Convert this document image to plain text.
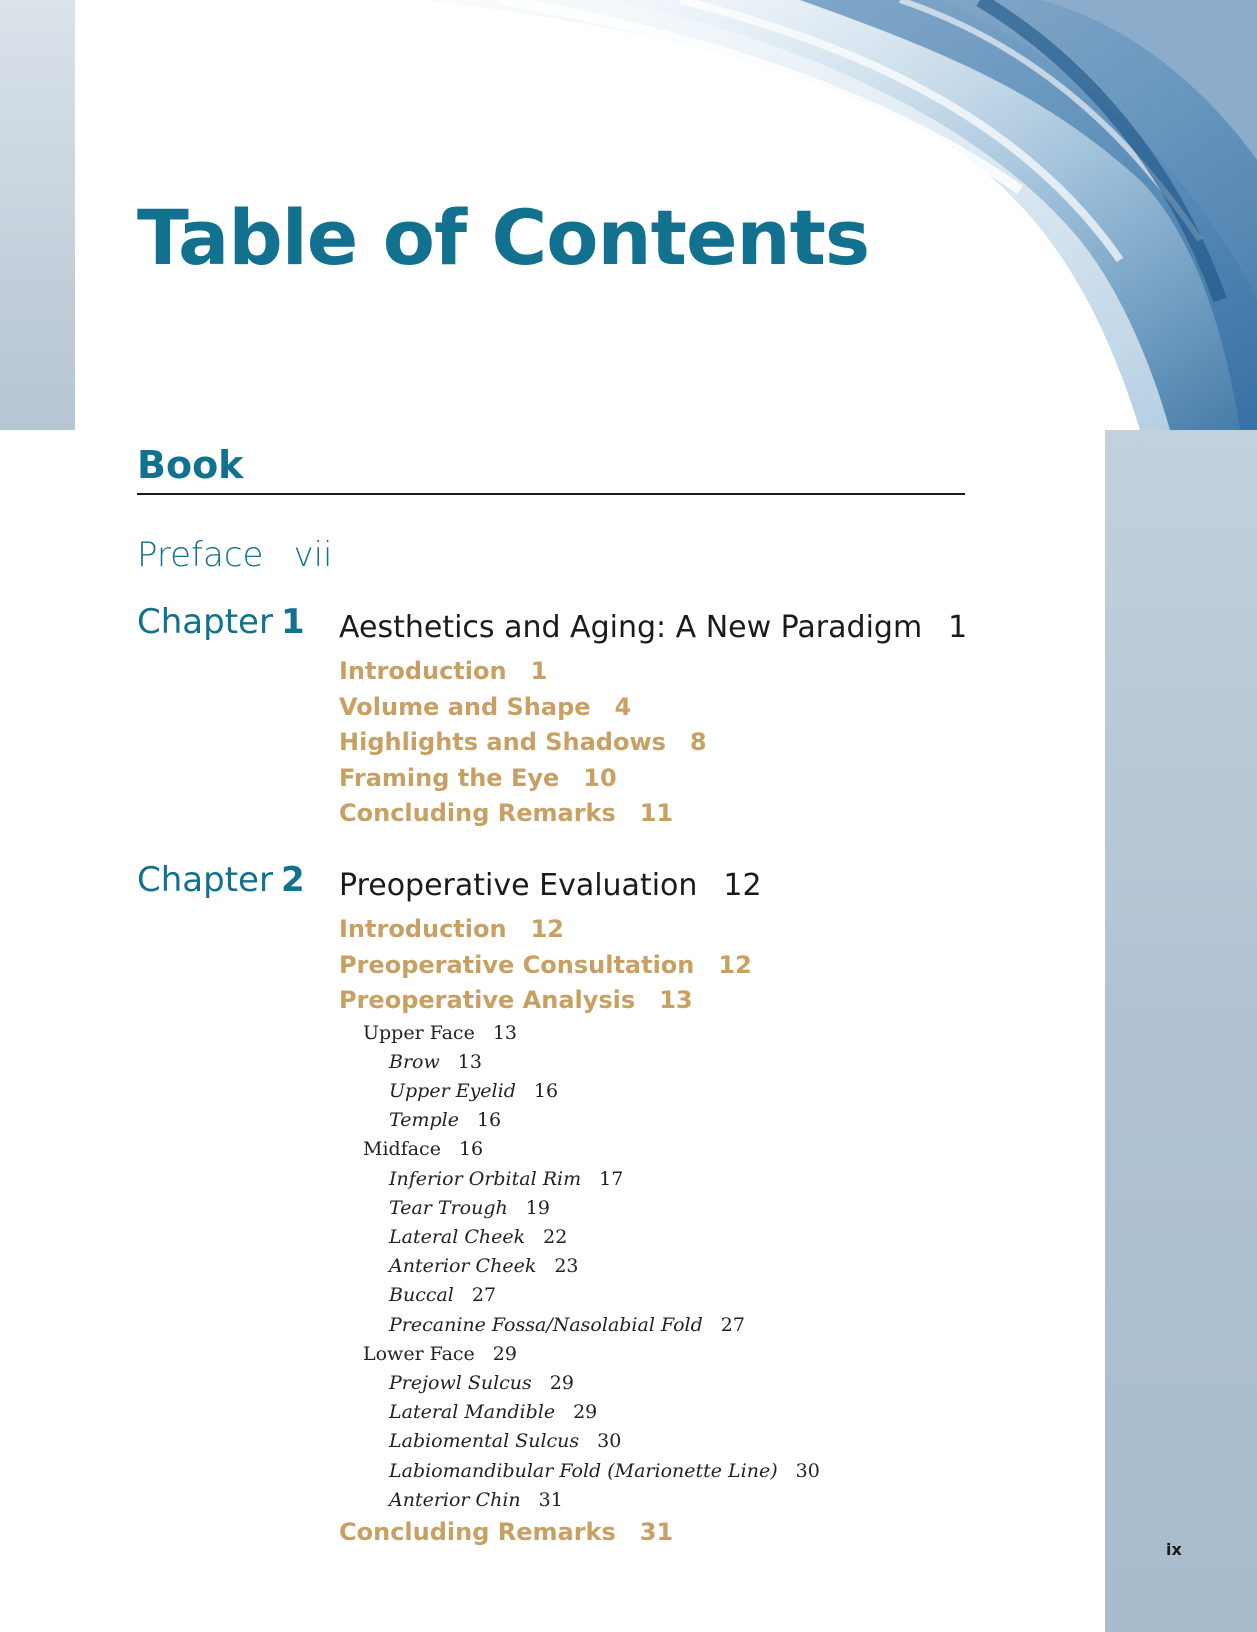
Table of Contents
Book
Preface vii
Chapter 1 Aesthetics and Aging: A New Paradigm 1
Introduction 1
Volume and Shape 4
Highlights and Shadows 8
Framing the Eye 10
Concluding Remarks 11
Chapter 2 Preoperative Evaluation 12
Introduction 12
Preoperative Consultation 12
Preoperative Analysis 13
Upper Face 13
Brow 13
Upper Eyelid 16
Temple 16
Midface 16
Inferior Orbital Rim 17
Tear Trough 19
Lateral Cheek 22
Anterior Cheek 23
Buccal 27
Precanine Fossa/Nasolabial Fold 27
Lower Face 29
Prejowl Sulcus 29
Lateral Mandible 29
Labiomental Sulcus 30
Labiomandibular Fold (Marionette Line) 30
Anterior Chin 31
Concluding Remarks 31
ix
